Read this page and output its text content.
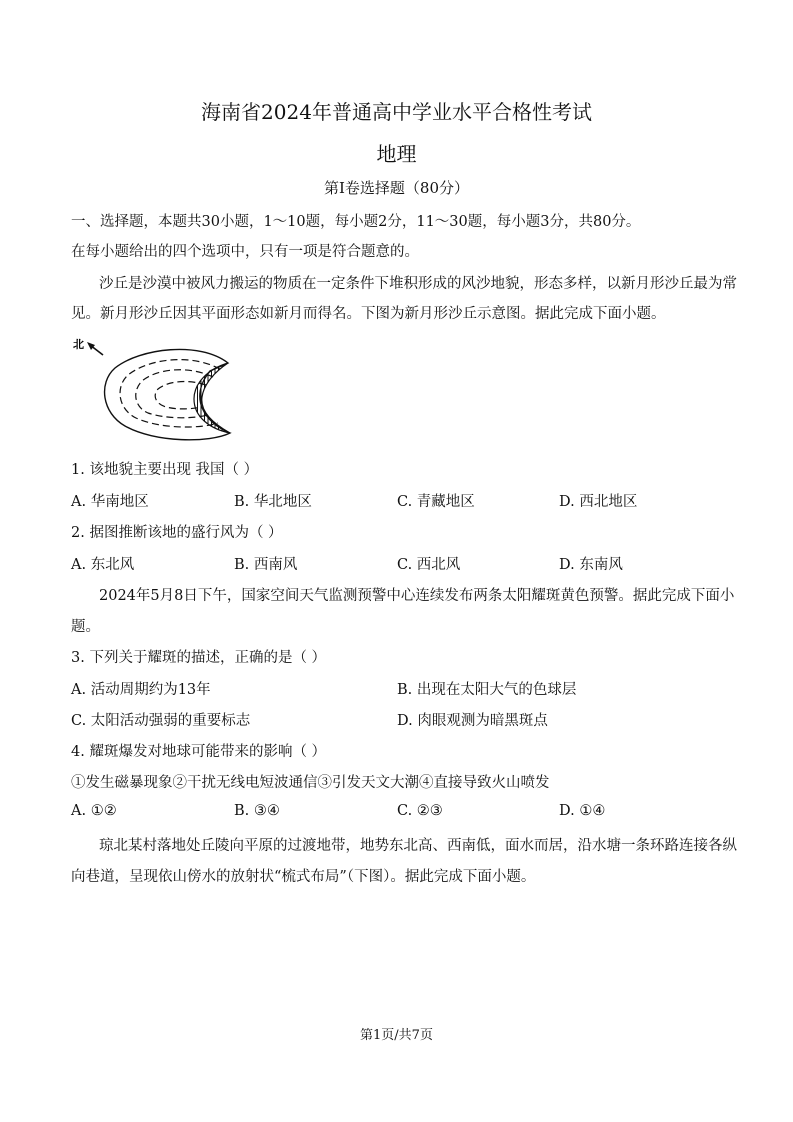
海南省2024年普通高中学业水平合格性考试
地理
第I卷选择题（80分）
一、选择题，本题共30小题，1～10题，每小题2分，11～30题，每小题3分，共80分。
在每小题给出的四个选项中，只有一项是符合题意的。
沙丘是沙漠中被风力搬运的物质在一定条件下堆积形成的风沙地貌，形态多样，以新月形沙丘最为常
见。新月形沙丘因其平面形态如新月而得名。下图为新月形沙丘示意图。据此完成下面小题。
北
1. 该地貌主要出现 我国（ ）
A. 华南地区	B. 华北地区	C. 青藏地区	D. 西北地区
2. 据图推断该地的盛行风为（ ）
A. 东北风	B. 西南风	C. 西北风	D. 东南风
2024年5月8日下午，国家空间天气监测预警中心连续发布两条太阳耀斑黄色预警。据此完成下面小
题。
3. 下列关于耀斑的描述，正确的是（ ）
A. 活动周期约为13年	B. 出现在太阳大气的色球层
C. 太阳活动强弱的重要标志	D. 肉眼观测为暗黑斑点
4. 耀斑爆发对地球可能带来的影响（ ）
①发生磁暴现象②干扰无线电短波通信③引发天文大潮④直接导致火山喷发
A. ①②	B. ③④	C. ②③	D. ①④
琼北某村落地处丘陵向平原的过渡地带，地势东北高、西南低，面水而居，沿水塘一条环路连接各纵
向巷道，呈现依山傍水的放射状“梳式布局”（下图）。据此完成下面小题。
第1页/共7页
